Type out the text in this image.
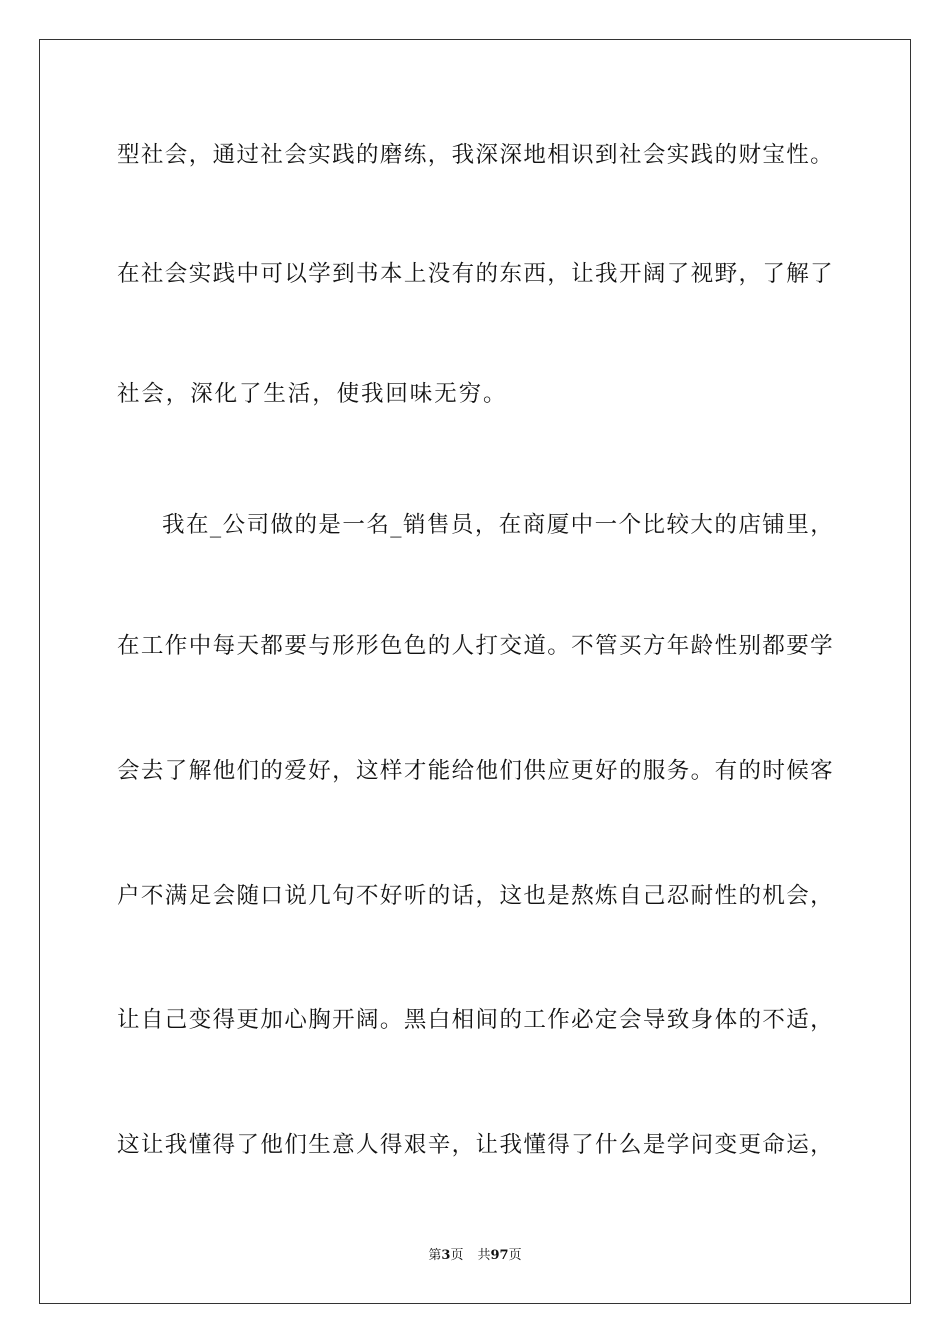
型社会，通过社会实践的磨练，我深深地相识到社会实践的财宝性。
在社会实践中可以学到书本上没有的东西，让我开阔了视野，了解了
社会，深化了生活，使我回味无穷。
我在_公司做的是一名_销售员，在商厦中一个比较大的店铺里，
在工作中每天都要与形形色色的人打交道。不管买方年龄性别都要学
会去了解他们的爱好，这样才能给他们供应更好的服务。有的时候客
户不满足会随口说几句不好听的话，这也是熬炼自己忍耐性的机会，
让自己变得更加心胸开阔。黑白相间的工作必定会导致身体的不适，
这让我懂得了他们生意人得艰辛，让我懂得了什么是学问变更命运，
第3页 共97页
